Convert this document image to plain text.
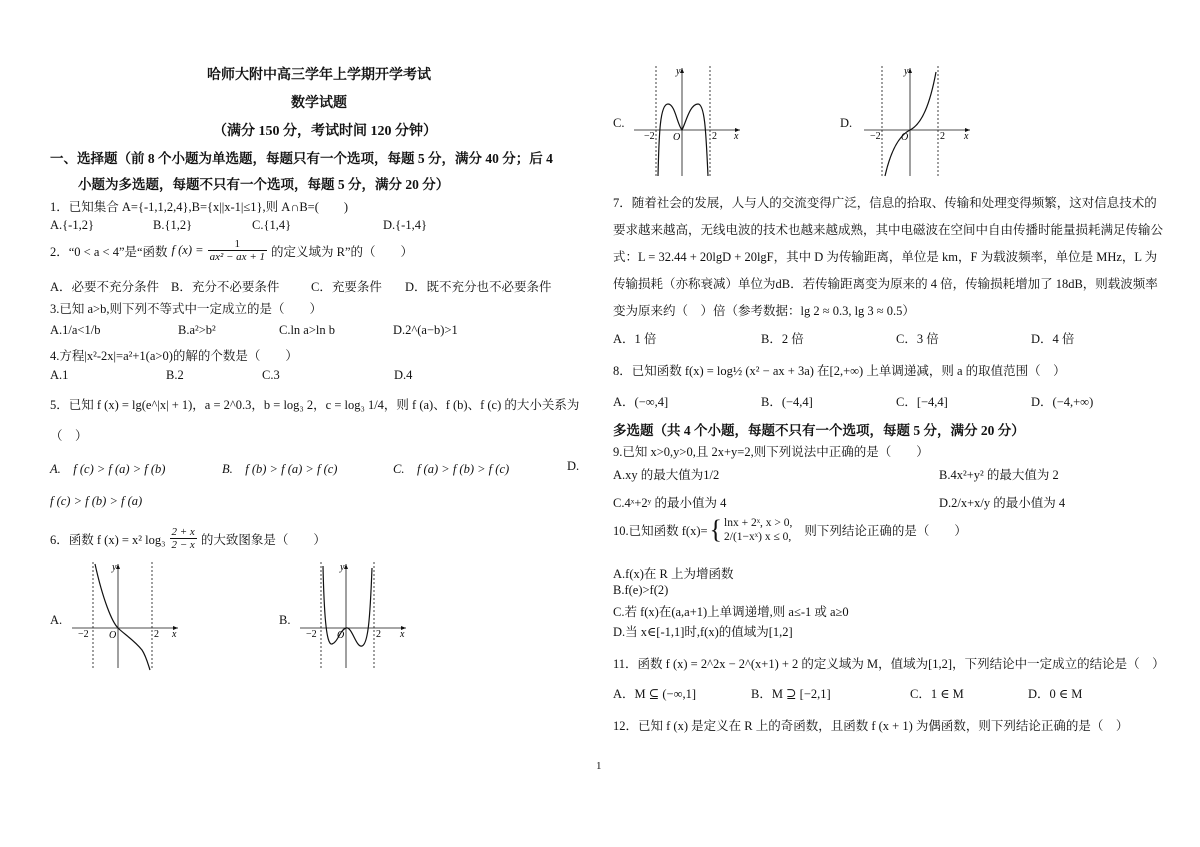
哈师大附中高三学年上学期开学考试
数学试题
（满分 150 分，考试时间 120 分钟）
一、选择题（前 8 个小题为单选题，每题只有一个选项，每题 5 分，满分 40 分；后 4
小题为多选题，每题不只有一个选项，每题 5 分，满分 20 分）
1．已知集合 A={-1,1,2,4},B={x||x-1|≤1},则 A∩B=(　　)
A.{-1,2}	B.{1,2}	C.{1,4}	D.{-1,4}
2．“0 < a < 4”是“函数 f $(x) = \frac{1}{\text{ax² − ax + 1}}$ 的定义域为 R”的（　　）
A．必要不充分条件 B．充分不必要条件	C．充要条件 D．既不充分也不必要条件
3.已知 a>b,则下列不等式中一定成立的是（　　）
A.1/a<1/b	B.a²>b²	C.ln a>ln b	D.2^(a−b)>1
4.方程|x²-2x|=a²+1(a>0)的解的个数是（　　）
A.1	B.2	C.3	D.4
5．已知 f (x) = lg(e^|x| + 1)，a = 2^0.3，b = log₃ 2，c = log₃ 1/4，则 f (a)、f (b)、f (c) 的大小关系为
（　）
A.　f (c) > f (a) > f (b)	B.　f (b) > f (a) > f (c)	C.　f (a) > f (b) > f (c)	D.
f (c) > f (b) > f (a)
6．函数 f (x) = x² $\log_3 \frac{2 + x}{2 - x}$ 的大致图象是（　　）
A.
y
x
O
−2	2
B.
y
x
O
−2	2
C.
y
x
O
−2	2
D.
y
x
O
−2	2
7．随着社会的发展，人与人的交流变得广泛，信息的拾取、传输和处理变得频繁，这对信息技术的
要求越来越高，无线电波的技术也越来越成熟，其中电磁波在空间中自由传播时能量损耗满足传输公
式：L = 32.44 + 20lgD + 20lgF，其中 D 为传输距离，单位是 km，F 为载波频率，单位是 MHz，L 为
传输损耗（亦称衰减）单位为dB．若传输距离变为原来的 4 倍，传输损耗增加了 18dB，则载波频率
变为原来约（　）倍（参考数据：lg 2 ≈ 0.3, lg 3 ≈ 0.5）
A．1 倍	B．2 倍	C．3 倍	D．4 倍
8．已知函数 f(x) = log½ (x² − ax + 3a) 在[2,+∞) 上单调递减，则 a 的取值范围（　）
A．(−∞,4]	B．(−4,4]	C．[−4,4]	D．(−4,+∞)
多选题（共 4 个小题，每题不只有一个选项，每题 5 分，满分 20 分）
9.已知 x>0,y>0,且 2x+y=2,则下列说法中正确的是（　　）
A.xy 的最大值为1/2	B.4x²+y² 的最大值为 2
C.4ˣ+2ʸ 的最小值为 4	D.2/x+x/y 的最小值为 4
10.已知函数 f(x)= { lnx + 2ˣ, x > 0,
2/(1−xˣ) x ≤ 0, 则下列结论正确的是（　　）
A.f(x)在 R 上为增函数
B.f(e)>f(2)
C.若 f(x)在(a,a+1)上单调递增,则 a≤-1 或 a≥0
D.当 x∈[-1,1]时,f(x)的值域为[1,2]
11．函数 f (x) = 2^2x − 2^(x+1) + 2 的定义域为 M，值域为[1,2]，下列结论中一定成立的结论是（　）
A．M ⊆ (−∞,1]	B．M ⊇ [−2,1]	C．1 ∈ M	D．0 ∈ M
12．已知 f (x) 是定义在 R 上的奇函数，且函数 f (x + 1) 为偶函数，则下列结论正确的是（　）
1
